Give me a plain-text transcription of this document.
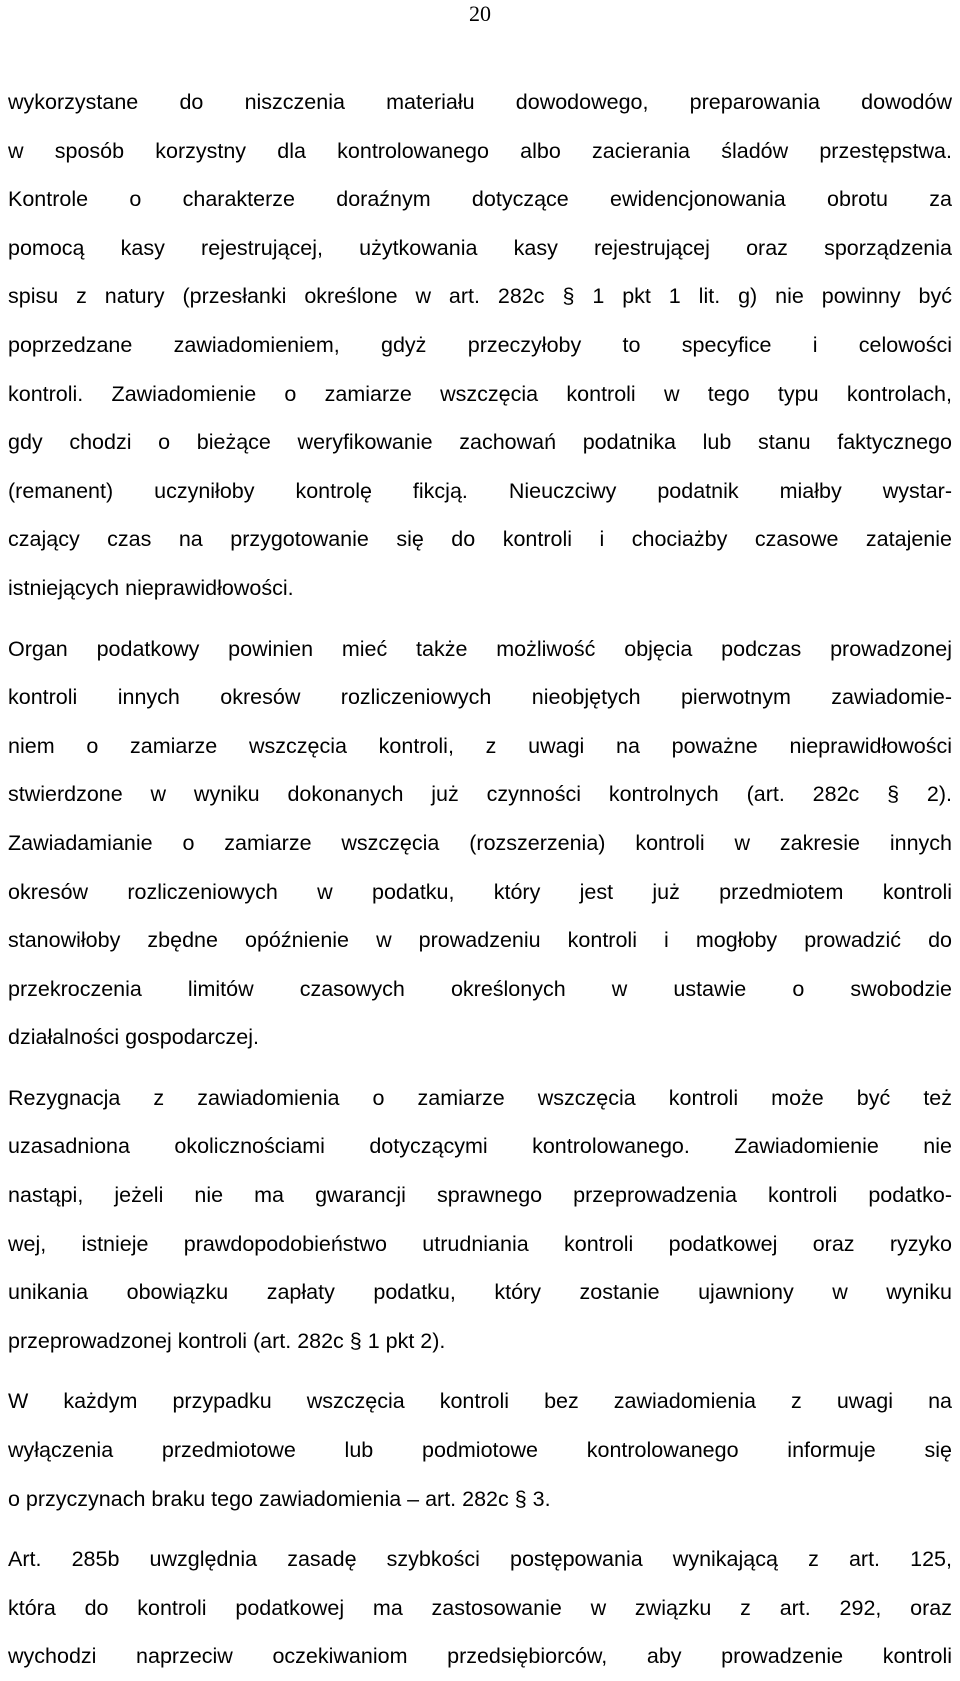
20
wykorzystane do niszczenia materiału dowodowego, preparowania dowodów
w sposób korzystny dla kontrolowanego albo zacierania śladów przestępstwa.
Kontrole o charakterze doraźnym dotyczące ewidencjonowania obrotu za
pomocą kasy rejestrującej, użytkowania kasy rejestrującej oraz sporządzenia
spisu z natury (przesłanki określone w art. 282c § 1 pkt 1 lit. g) nie powinny być
poprzedzane zawiadomieniem, gdyż przeczyłoby to specyfice i celowości
kontroli. Zawiadomienie o zamiarze wszczęcia kontroli w tego typu kontrolach,
gdy chodzi o bieżące weryfikowanie zachowań podatnika lub stanu faktycznego
(remanent) uczyniłoby kontrolę fikcją. Nieuczciwy podatnik miałby wystar-
czający czas na przygotowanie się do kontroli i chociażby czasowe zatajenie
istniejących nieprawidłowości.
Organ podatkowy powinien mieć także możliwość objęcia podczas prowadzonej
kontroli innych okresów rozliczeniowych nieobjętych pierwotnym zawiadomie-
niem o zamiarze wszczęcia kontroli, z uwagi na poważne nieprawidłowości
stwierdzone w wyniku dokonanych już czynności kontrolnych (art. 282c § 2).
Zawiadamianie o zamiarze wszczęcia (rozszerzenia) kontroli w zakresie innych
okresów rozliczeniowych w podatku, który jest już przedmiotem kontroli
stanowiłoby zbędne opóźnienie w prowadzeniu kontroli i mogłoby prowadzić do
przekroczenia limitów czasowych określonych w ustawie o swobodzie
działalności gospodarczej.
Rezygnacja z zawiadomienia o zamiarze wszczęcia kontroli może być też
uzasadniona okolicznościami dotyczącymi kontrolowanego. Zawiadomienie nie
nastąpi, jeżeli nie ma gwarancji sprawnego przeprowadzenia kontroli podatko-
wej, istnieje prawdopodobieństwo utrudniania kontroli podatkowej oraz ryzyko
unikania obowiązku zapłaty podatku, który zostanie ujawniony w wyniku
przeprowadzonej kontroli (art. 282c § 1 pkt 2).
W każdym przypadku wszczęcia kontroli bez zawiadomienia z uwagi na
wyłączenia przedmiotowe lub podmiotowe kontrolowanego informuje się
o przyczynach braku tego zawiadomienia – art. 282c § 3.
Art. 285b uwzględnia zasadę szybkości postępowania wynikającą z art. 125,
która do kontroli podatkowej ma zastosowanie w związku z art. 292, oraz
wychodzi naprzeciw oczekiwaniom przedsiębiorców, aby prowadzenie kontroli
